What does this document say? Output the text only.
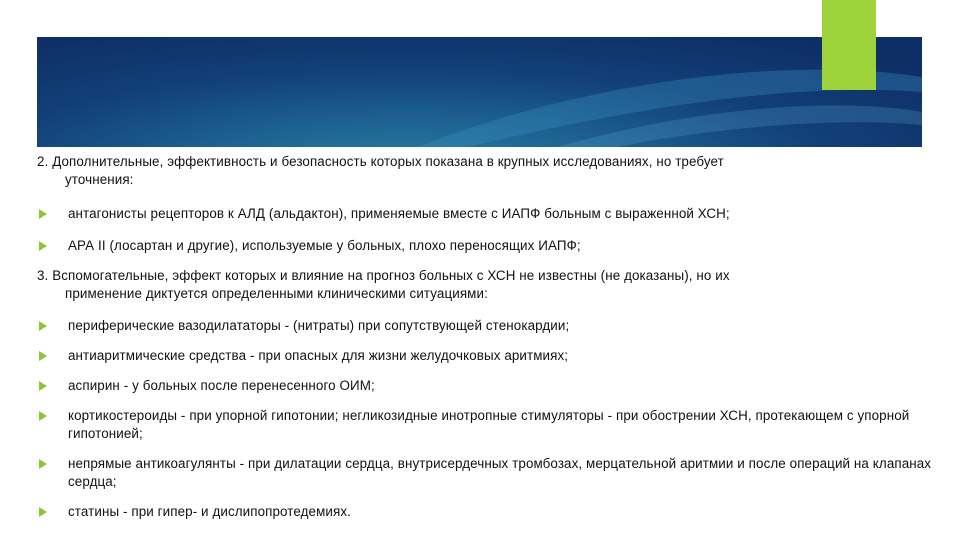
2. Дополнительные, эффективность и безопасность которых показана в крупных исследованиях, но требует
уточнения:

антагонисты рецепторов к АЛД (альдактон), применяемые вместе с ИАПФ больным с выраженной ХСН;
АРА II (лосартан и другие), используемые у больных, плохо переносящих ИАПФ;

3. Вспомогательные, эффект которых и влияние на прогноз больных с ХСН не известны (не доказаны), но их
применение диктуется определенными клиническими ситуациями:

периферические вазодилататоры - (нитраты) при сопутствующей стенокардии;
антиаритмические средства - при опасных для жизни желудочковых аритмиях;
аспирин - у больных после перенесенного ОИМ;
кортикостероиды - при упорной гипотонии; негликозидные инотропные стимуляторы - при обострении ХСН, протекающем с упорной гипотонией;
непрямые антикоагулянты - при дилатации сердца, внутрисердечных тромбозах, мерцательной аритмии и после операций на клапанах сердца;
статины - при гипер- и дислипопротедемиях.
